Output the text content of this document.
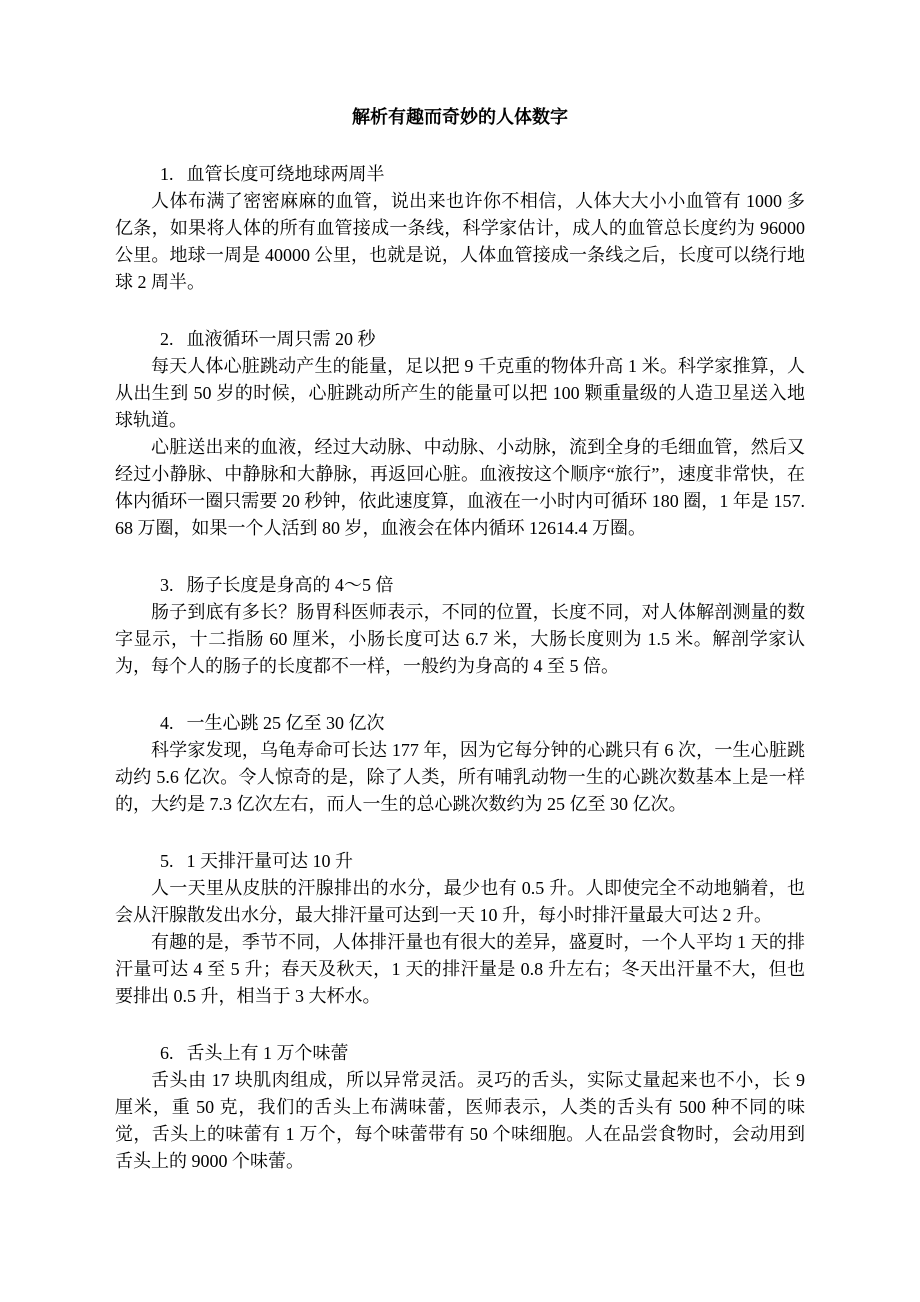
解析有趣而奇妙的人体数字
1. 血管长度可绕地球两周半

人体布满了密密麻麻的血管，说出来也许你不相信，人体大大小小血管有 1000 多亿条，如果将人体的所有血管接成一条线，科学家估计，成人的血管总长度约为 96000 公里。地球一周是 40000 公里，也就是说，人体血管接成一条线之后，长度可以绕行地球 2 周半。

2. 血液循环一周只需 20 秒

每天人体心脏跳动产生的能量，足以把 9 千克重的物体升高 1 米。科学家推算，人从出生到 50 岁的时候，心脏跳动所产生的能量可以把 100 颗重量级的人造卫星送入地球轨道。

心脏送出来的血液，经过大动脉、中动脉、小动脉，流到全身的毛细血管，然后又经过小静脉、中静脉和大静脉，再返回心脏。血液按这个顺序“旅行”，速度非常快，在体内循环一圈只需要 20 秒钟，依此速度算，血液在一小时内可循环 180 圈，1 年是 157.68 万圈，如果一个人活到 80 岁，血液会在体内循环 12614.4 万圈。

3. 肠子长度是身高的 4～5 倍

肠子到底有多长？肠胃科医师表示，不同的位置，长度不同，对人体解剖测量的数字显示，十二指肠 60 厘米，小肠长度可达 6.7 米，大肠长度则为 1.5 米。解剖学家认为，每个人的肠子的长度都不一样，一般约为身高的 4 至 5 倍。

4. 一生心跳 25 亿至 30 亿次

科学家发现，乌龟寿命可长达 177 年，因为它每分钟的心跳只有 6 次，一生心脏跳动约 5.6 亿次。令人惊奇的是，除了人类，所有哺乳动物一生的心跳次数基本上是一样的，大约是 7.3 亿次左右，而人一生的总心跳次数约为 25 亿至 30 亿次。

5. 1 天排汗量可达 10 升

人一天里从皮肤的汗腺排出的水分，最少也有 0.5 升。人即使完全不动地躺着，也会从汗腺散发出水分，最大排汗量可达到一天 10 升，每小时排汗量最大可达 2 升。

有趣的是，季节不同，人体排汗量也有很大的差异，盛夏时，一个人平均 1 天的排汗量可达 4 至 5 升；春天及秋天，1 天的排汗量是 0.8 升左右；冬天出汗量不大，但也要排出 0.5 升，相当于 3 大杯水。

6. 舌头上有 1 万个味蕾

舌头由 17 块肌肉组成，所以异常灵活。灵巧的舌头，实际丈量起来也不小，长 9 厘米，重 50 克，我们的舌头上布满味蕾，医师表示，人类的舌头有 500 种不同的味觉，舌头上的味蕾有 1 万个，每个味蕾带有 50 个味细胞。人在品尝食物时，会动用到舌头上的 9000 个味蕾。
